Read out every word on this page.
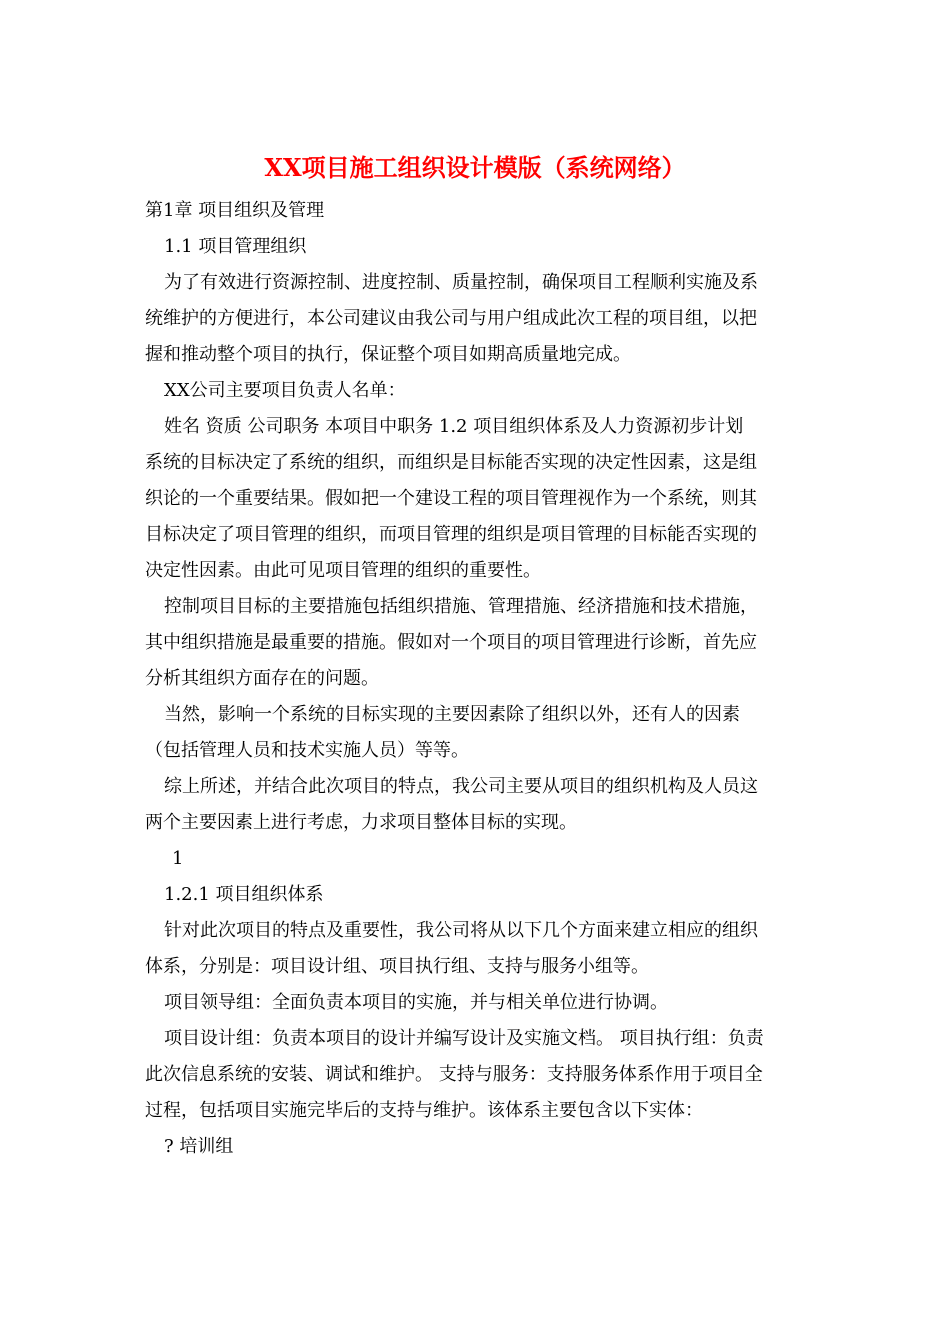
XX项目施工组织设计模版（系统网络）
第1章 项目组织及管理
1.1 项目管理组织
为了有效进行资源控制、进度控制、质量控制，确保项目工程顺利实施及系
统维护的方便进行，本公司建议由我公司与用户组成此次工程的项目组，以把
握和推动整个项目的执行，保证整个项目如期高质量地完成。
XX公司主要项目负责人名单：
姓名 资质 公司职务 本项目中职务 1.2 项目组织体系及人力资源初步计划
系统的目标决定了系统的组织，而组织是目标能否实现的决定性因素，这是组
织论的一个重要结果。假如把一个建设工程的项目管理视作为一个系统，则其
目标决定了项目管理的组织，而项目管理的组织是项目管理的目标能否实现的
决定性因素。由此可见项目管理的组织的重要性。
控制项目目标的主要措施包括组织措施、管理措施、经济措施和技术措施，
其中组织措施是最重要的措施。假如对一个项目的项目管理进行诊断，首先应
分析其组织方面存在的问题。
当然，影响一个系统的目标实现的主要因素除了组织以外，还有人的因素
（包括管理人员和技术实施人员）等等。
综上所述，并结合此次项目的特点，我公司主要从项目的组织机构及人员这
两个主要因素上进行考虑，力求项目整体目标的实现。
1
1.2.1 项目组织体系
针对此次项目的特点及重要性，我公司将从以下几个方面来建立相应的组织
体系，分别是：项目设计组、项目执行组、支持与服务小组等。
项目领导组：全面负责本项目的实施，并与相关单位进行协调。
项目设计组：负责本项目的设计并编写设计及实施文档。 项目执行组：负责
此次信息系统的安装、调试和维护。 支持与服务：支持服务体系作用于项目全
过程，包括项目实施完毕后的支持与维护。该体系主要包含以下实体：
? 培训组
